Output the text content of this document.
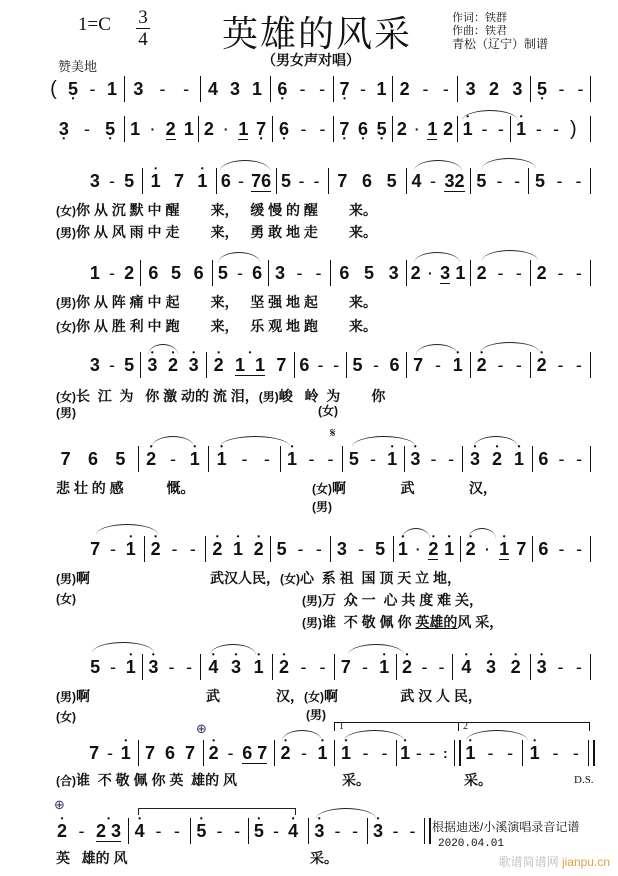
1=C 3
4 英雄的风采
（男女声对唱）
作词：铁群
作曲：铁君
青松（辽宁）制谱
赞美地
( 5 • - 1 3 - - 4 3 1 6 • - - 7 • - 1 2 - - 3 2 3 5 • - -
3 • - 5 • 1 · 2 1 2 · 1 7 • 6 • - - 7 • 6 • 5 • 2 · 1 2 • 1 - - • 1 - - )
3 - 5 • 1 7 • 1 6 - 76 5 - - 7 6 5 4 - 32 5 - - 5 - -
(女)你 从 沉 默 中 醒        来，   缓 慢 的 醒        来。
(男)你 从 风 雨 中 走        来，   勇 敢 地 走        来。
1 - 2 6 5 6 5 - 6 3 - - 6 5 3 2 · 3 1 2 - - 2 - -
(男)你 从 阵 痛 中 起        来，   坚 强 地 起        来。
(女)你 从 胜 利 中 跑        来，   乐 观 地 跑        来。
3 - 5 • 3 • 2 • 3 • 2 • 1  1 7 6 - - 5 - 6 7 - • 1 • 2 - - • 2 - -
(女)长  江  为   你 激 动的 流 泪，(男)峻   岭  为        你
(男)	(女)
𝄋
7 6 5 • 2 - • 1 • 1 - - • 1 - - 5 - • 1 • 3 - - • 3 • 2 • 1 6 - -
悲 壮 的 感           慨。	(女)啊              武              汉，
(男)
7 - • 1 • 2 - - • 2 • 1 • 2 5 - - 3 - 5 • 1 · • 2 • 1 • 2 · • 1 7 6 - -
(男)啊	武汉人民，(女)心  系 祖  国 顶 天 立 地，
(女)	(男)万  众 一  心 共 度 难 关，
(男)谁  不 敬 佩 你 英雄的风 采，
5 - • 1 • 3 - - • 4 • 3 • 1 • 2 - - 7 - • 1 • 2 - - • 4 • 3 • 2 • 3 - -
(男)啊	武	汉，(女)啊                武 汉 人 民，
(女)	(男)
⊕	1	2
7 - • 1 7 6 7 • 2 - 6 7 • 2 - • 1 • 1 - - • 1 - - : • 1 - - • 1 - -
(合)谁  不 敬 佩 你 英  雄的 风	采。	采。	D.S.
⊕
• 2 - • 2 3 • 4 - - • 5 - - • 5 - • 4 • 3 - - • 3 - -
英   雄的 风	采。
根据迪迷/小溪演唱录音记谱
2020.04.01
歌谱简谱网 jianpu.cn
